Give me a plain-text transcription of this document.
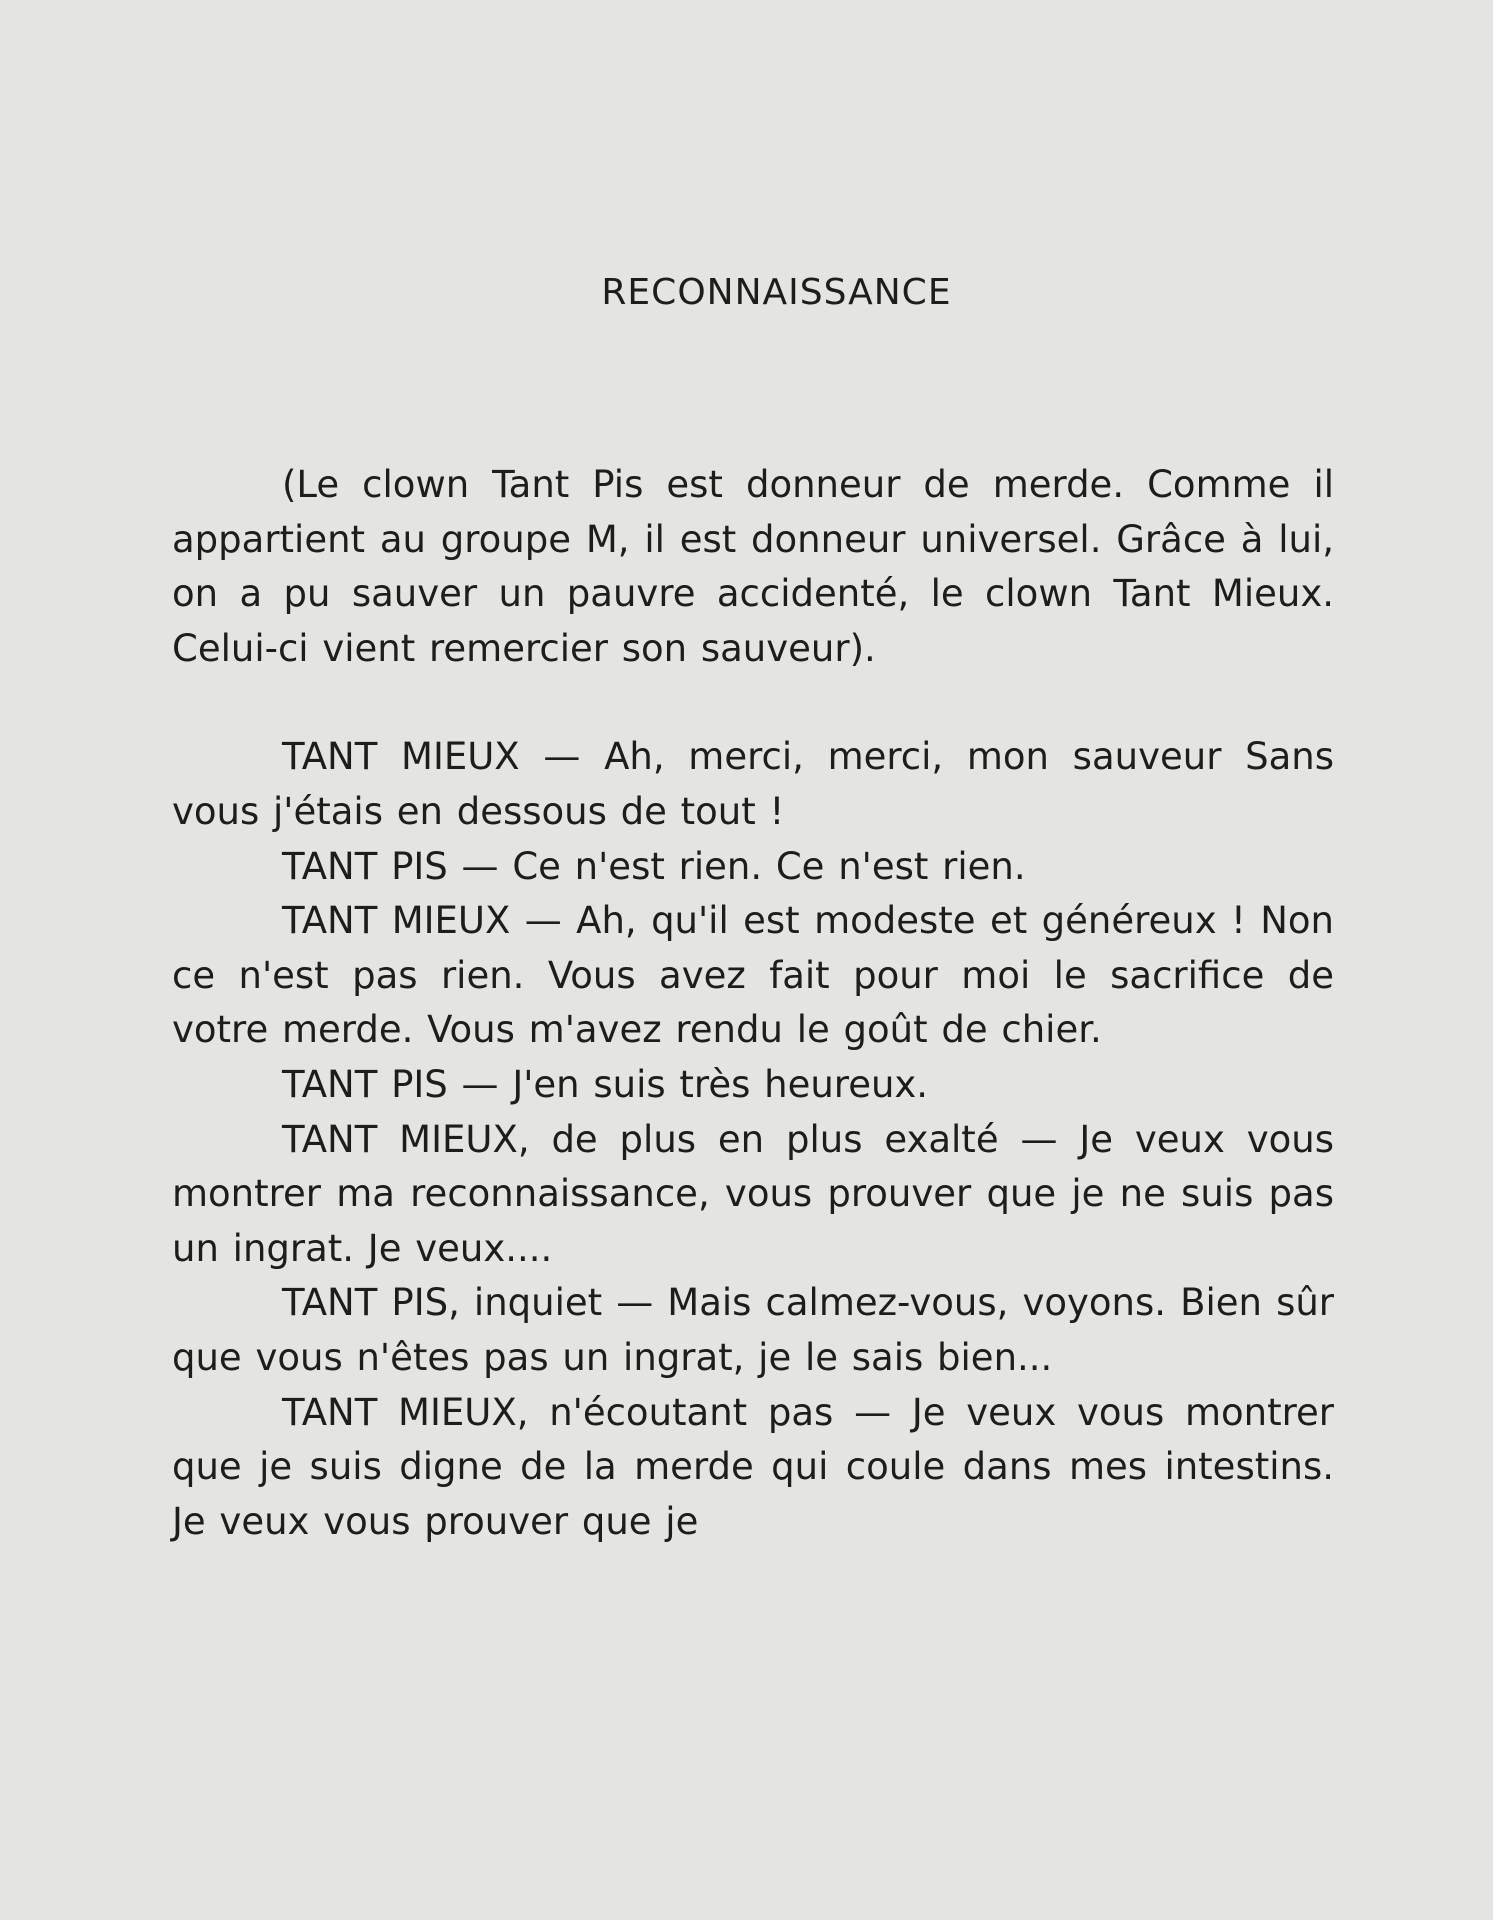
RECONNAISSANCE

(Le clown Tant Pis est donneur de merde. Comme il appartient au groupe M, il est donneur universel. Grâce à lui, on a pu sauver un pauvre accidenté, le clown Tant Mieux. Celui-ci vient remercier son sauveur).

TANT MIEUX — Ah, merci, merci, mon sauveur Sans vous j'étais en dessous de tout !

TANT PIS — Ce n'est rien. Ce n'est rien.

TANT MIEUX — Ah, qu'il est modeste et généreux ! Non ce n'est pas rien. Vous avez fait pour moi le sacrifice de votre merde. Vous m'avez rendu le goût de chier.

TANT PIS — J'en suis très heureux.

TANT MIEUX, de plus en plus exalté — Je veux vous montrer ma reconnaissance, vous prouver que je ne suis pas un ingrat. Je veux....

TANT PIS, inquiet — Mais calmez-vous, voyons. Bien sûr que vous n'êtes pas un ingrat, je le sais bien...

TANT MIEUX, n'écoutant pas — Je veux vous montrer que je suis digne de la merde qui coule dans mes intestins. Je veux vous prouver que je
